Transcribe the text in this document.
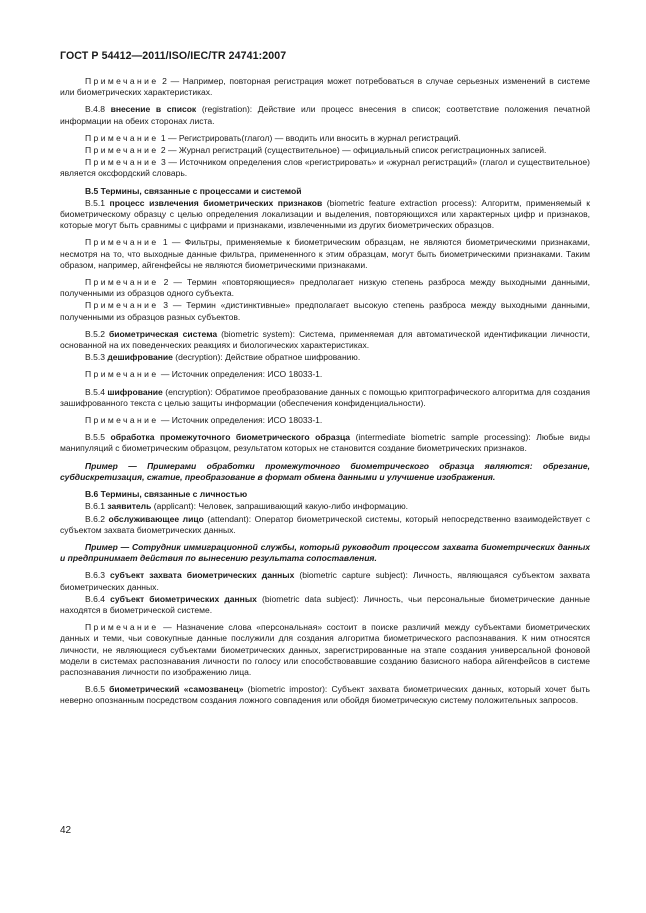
ГОСТ Р 54412—2011/ISO/IEC/TR 24741:2007

Примечание 2 — Например, повторная регистрация может потребоваться в случае серьезных изменений в системе или биометрических характеристиках.

В.4.8 внесение в список (registration): Действие или процесс внесения в список; соответствие положения печатной информации на обеих сторонах листа.

Примечание 1 — Регистрировать(глагол) — вводить или вносить в журнал регистраций.

Примечание 2 — Журнал регистраций (существительное) — официальный список регистрационных записей.

Примечание 3 — Источником определения слов «регистрировать» и «журнал регистраций» (глагол и существительное) является оксфордский словарь.

В.5 Термины, связанные с процессами и системой

В.5.1 процесс извлечения биометрических признаков (biometric feature extraction process): Алгоритм, применяемый к биометрическому образцу с целью определения локализации и выделения, повторяющихся или характерных цифр и признаков, которые могут быть сравнимы с цифрами и признаками, извлеченными из других биометрических образцов.

Примечание 1 — Фильтры, применяемые к биометрическим образцам, не являются биометрическими признаками, несмотря на то, что выходные данные фильтра, примененного к этим образцам, могут быть биометрическими признаками. Таким образом, например, айгенфейсы не являются биометрическими признаками.

Примечание 2 — Термин «повторяющиеся» предполагает низкую степень разброса между выходными данными, полученными из образцов одного субъекта.

Примечание 3 — Термин «дистинктивные» предполагает высокую степень разброса между выходными данными, полученными из образцов разных субъектов.

В.5.2 биометрическая система (biometric system): Система, применяемая для автоматической идентификации личности, основанной на их поведенческих реакциях и биологических характеристиках.

В.5.3 дешифрование (decryption): Действие обратное шифрованию.

Примечание — Источник определения: ИСО 18033-1.

В.5.4 шифрование (encryption): Обратимое преобразование данных с помощью криптографического алгоритма для создания зашифрованного текста с целью защиты информации (обеспечения конфиденциальности).

Примечание — Источник определения: ИСО 18033-1.

В.5.5 обработка промежуточного биометрического образца (intermediate biometric sample processing): Любые виды манипуляций с биометрическим образцом, результатом которых не становится создание биометрических признаков.

Пример — Примерами обработки промежуточного биометрического образца являются: обрезание, субдискретизация, сжатие, преобразование в формат обмена данными и улучшение изображения.

В.6 Термины, связанные с личностью

В.6.1 заявитель (applicant): Человек, запрашивающий какую-либо информацию.

В.6.2 обслуживающее лицо (attendant): Оператор биометрической системы, который непосредственно взаимодействует с субъектом захвата биометрических данных.

Пример — Сотрудник иммиграционной службы, который руководит процессом захвата биометрических данных и предпринимает действия по вынесению результата сопоставления.

В.6.3 субъект захвата биометрических данных (biometric capture subject): Личность, являющаяся субъектом захвата биометрических данных.

В.6.4 субъект биометрических данных (biometric data subject): Личность, чьи персональные биометрические данные находятся в биометрической системе.

Примечание — Назначение слова «персональная» состоит в поиске различий между субъектами биометрических данных и теми, чьи совокупные данные послужили для создания алгоритма биометрического распознавания. К ним относятся личности, не являющиеся субъектами биометрических данных, зарегистрированные на этапе создания универсальной фоновой модели в системах распознавания личности по голосу или способствовавшие созданию базисного набора айгенфейсов в системе распознавания личности по изображению лица.

В.6.5 биометрический «самозванец» (biometric impostor): Субъект захвата биометрических данных, который хочет быть неверно опознанным посредством создания ложного совпадения или обойдя биометрическую систему положительных запросов.

42
